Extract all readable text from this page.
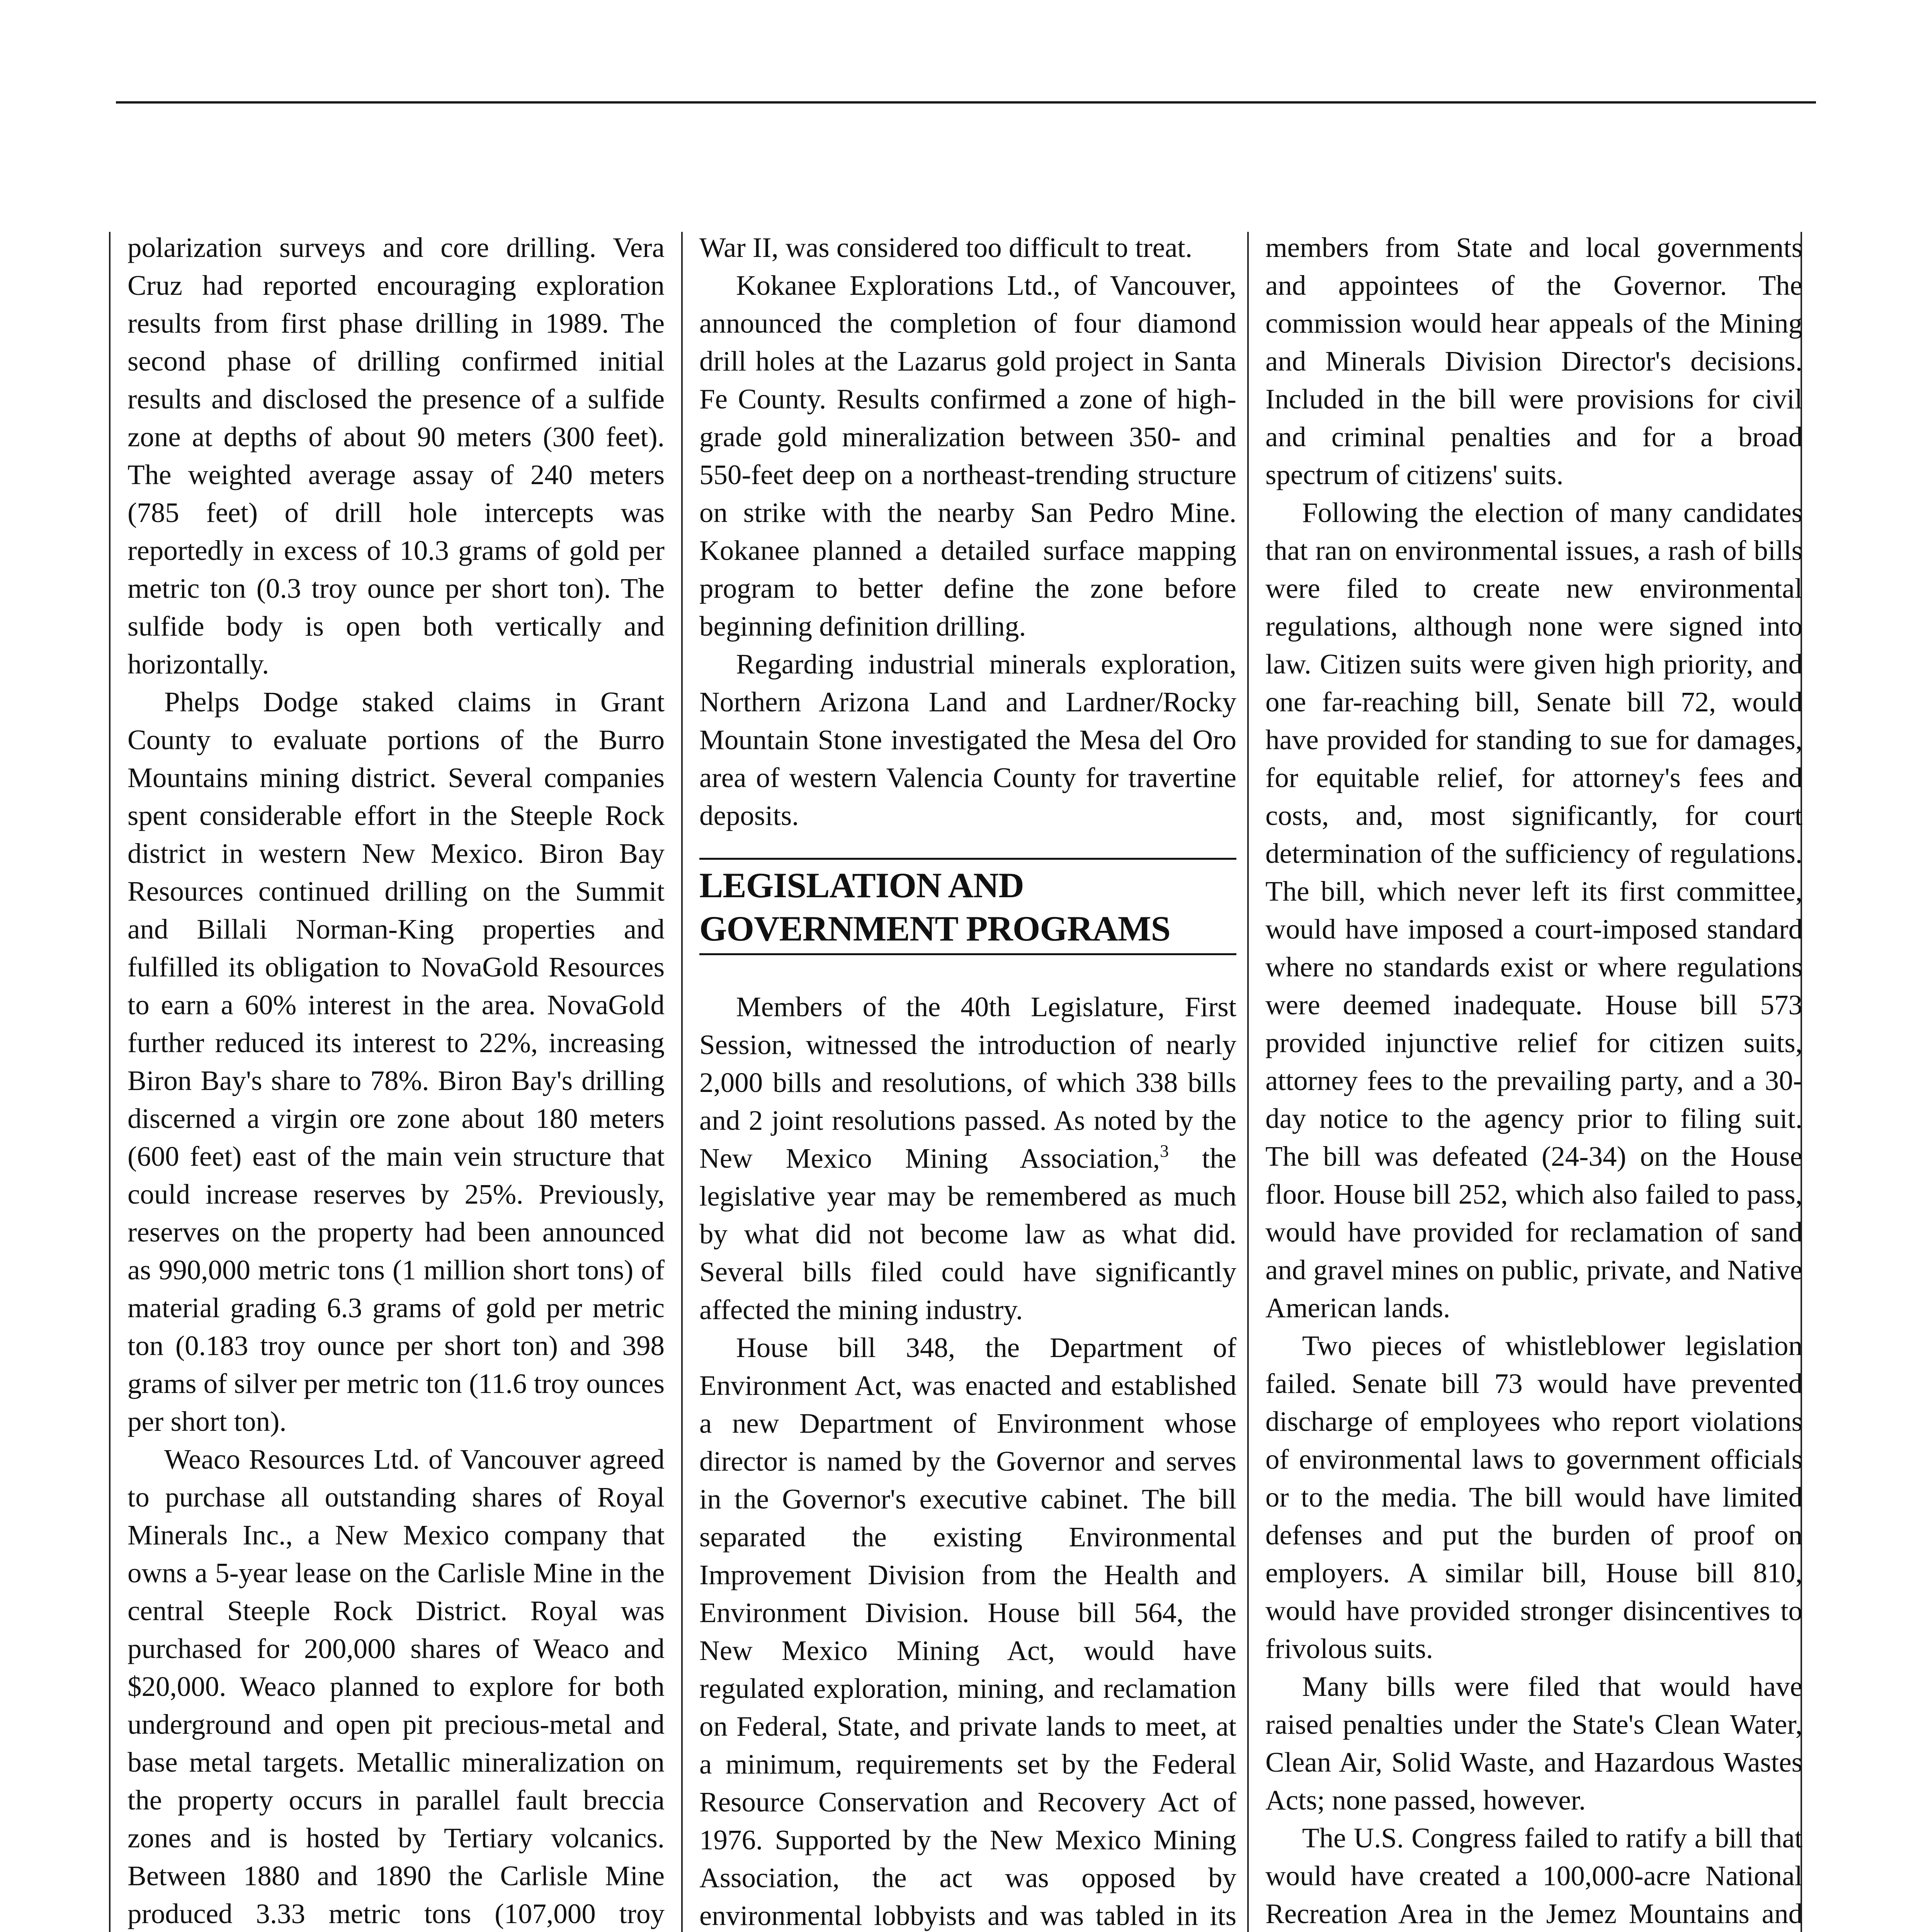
polarization surveys and core drilling. Vera Cruz had reported encouraging exploration results from first phase drilling in 1989. The second phase of drilling confirmed initial results and disclosed the presence of a sulfide zone at depths of about 90 meters (300 feet). The weighted average assay of 240 meters (785 feet) of drill hole intercepts was reportedly in excess of 10.3 grams of gold per metric ton (0.3 troy ounce per short ton). The sulfide body is open both vertically and horizontally.

Phelps Dodge staked claims in Grant County to evaluate portions of the Burro Mountains mining district. Several companies spent considerable effort in the Steeple Rock district in western New Mexico. Biron Bay Resources continued drilling on the Summit and Billali Norman-King properties and fulfilled its obligation to NovaGold Resources to earn a 60% interest in the area. NovaGold further reduced its interest to 22%, increasing Biron Bay's share to 78%. Biron Bay's drilling discerned a virgin ore zone about 180 meters (600 feet) east of the main vein structure that could increase reserves by 25%. Previously, reserves on the property had been announced as 990,000 metric tons (1 million short tons) of material grading 6.3 grams of gold per metric ton (0.183 troy ounce per short ton) and 398 grams of silver per metric ton (11.6 troy ounces per short ton).

Weaco Resources Ltd. of Vancouver agreed to purchase all outstanding shares of Royal Minerals Inc., a New Mexico company that owns a 5-year lease on the Carlisle Mine in the central Steeple Rock District. Royal was purchased for 200,000 shares of Weaco and $20,000. Weaco planned to explore for both underground and open pit precious-metal and base metal targets. Metallic mineralization on the property occurs in parallel fault breccia zones and is hosted by Tertiary volcanics. Between 1880 and 1890 the Carlisle Mine produced 3.33 metric tons (107,000 troy

War II, was considered too difficult to treat.

Kokanee Explorations Ltd., of Vancouver, announced the completion of four diamond drill holes at the Lazarus gold project in Santa Fe County. Results confirmed a zone of high-grade gold mineralization between 350- and 550-feet deep on a northeast-trending structure on strike with the nearby San Pedro Mine. Kokanee planned a detailed surface mapping program to better define the zone before beginning definition drilling.

Regarding industrial minerals exploration, Northern Arizona Land and Lardner/Rocky Mountain Stone investigated the Mesa del Oro area of western Valencia County for travertine deposits.

LEGISLATION AND GOVERNMENT PROGRAMS

Members of the 40th Legislature, First Session, witnessed the introduction of nearly 2,000 bills and resolutions, of which 338 bills and 2 joint resolutions passed. As noted by the New Mexico Mining Association,$^3$ the legislative year may be remembered as much by what did not become law as what did. Several bills filed could have significantly affected the mining industry.

House bill 348, the Department of Environment Act, was enacted and established a new Department of Environment whose director is named by the Governor and serves in the Governor's executive cabinet. The bill separated the existing Environmental Improvement Division from the Health and Environment Division. House bill 564, the New Mexico Mining Act, would have regulated exploration, mining, and reclamation on Federal, State, and private lands to meet, at a minimum, requirements set by the Federal Resource Conservation and Recovery Act of 1976. Supported by the New Mexico Mining Association, the act was opposed by environmental lobbyists and was tabled in its

members from State and local governments and appointees of the Governor. The commission would hear appeals of the Mining and Minerals Division Director's decisions. Included in the bill were provisions for civil and criminal penalties and for a broad spectrum of citizens' suits.

Following the election of many candidates that ran on environmental issues, a rash of bills were filed to create new environmental regulations, although none were signed into law. Citizen suits were given high priority, and one far-reaching bill, Senate bill 72, would have provided for standing to sue for damages, for equitable relief, for attorney's fees and costs, and, most significantly, for court determination of the sufficiency of regulations. The bill, which never left its first committee, would have imposed a court-imposed standard where no standards exist or where regulations were deemed inadequate. House bill 573 provided injunctive relief for citizen suits, attorney fees to the prevailing party, and a 30-day notice to the agency prior to filing suit. The bill was defeated (24-34) on the House floor. House bill 252, which also failed to pass, would have provided for reclamation of sand and gravel mines on public, private, and Native American lands.

Two pieces of whistleblower legislation failed. Senate bill 73 would have prevented discharge of employees who report violations of environmental laws to government officials or to the media. The bill would have limited defenses and put the burden of proof on employers. A similar bill, House bill 810, would have provided stronger disincentives to frivolous suits.

Many bills were filed that would have raised penalties under the State's Clean Water, Clean Air, Solid Waste, and Hazardous Wastes Acts; none passed, however.

The U.S. Congress failed to ratify a bill that would have created a 100,000-acre National Recreation Area in the Jemez Mountains and
